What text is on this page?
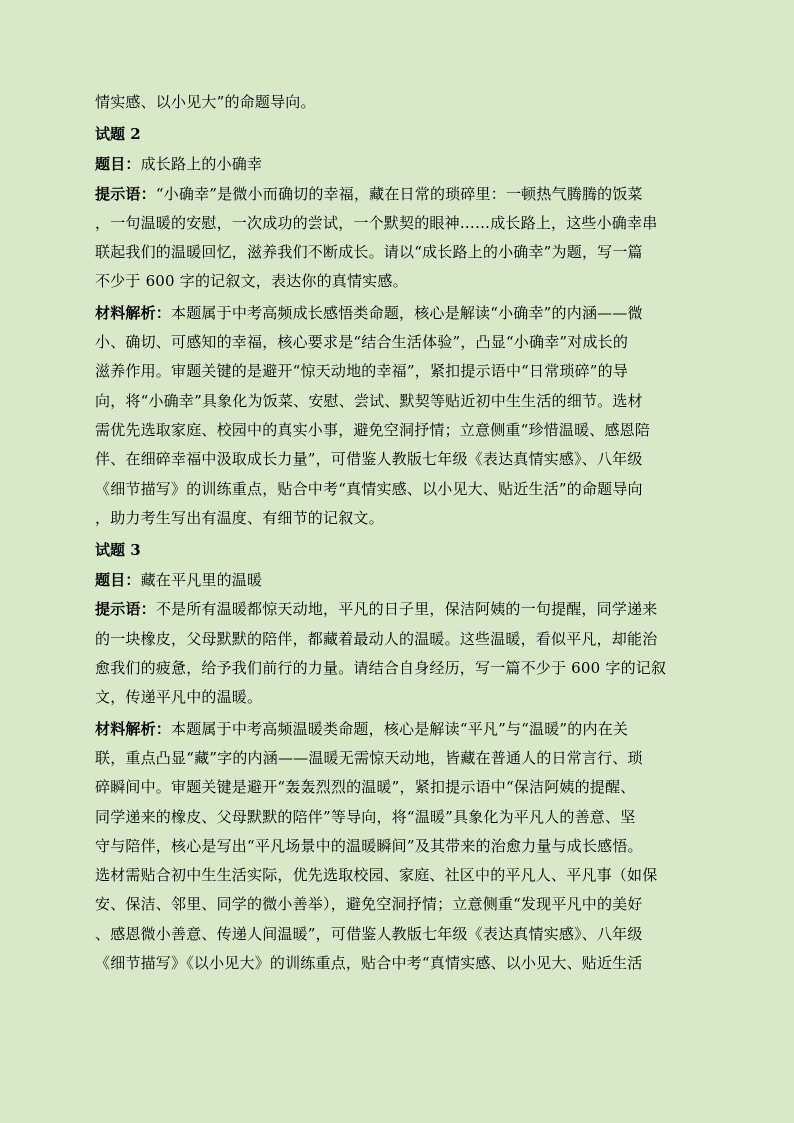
情实感、以小见大”的命题导向。
试题 2
题目：成长路上的小确幸
提示语：“小确幸”是微小而确切的幸福，藏在日常的琐碎里：一顿热气腾腾的饭菜
，一句温暖的安慰，一次成功的尝试，一个默契的眼神……成长路上，这些小确幸串
联起我们的温暖回忆，滋养我们不断成长。请以“成长路上的小确幸”为题，写一篇
不少于 600 字的记叙文，表达你的真情实感。
材料解析：本题属于中考高频成长感悟类命题，核心是解读“小确幸”的内涵——微
小、确切、可感知的幸福，核心要求是“结合生活体验”，凸显“小确幸”对成长的
滋养作用。审题关键的是避开“惊天动地的幸福”，紧扣提示语中“日常琐碎”的导
向，将“小确幸”具象化为饭菜、安慰、尝试、默契等贴近初中生生活的细节。选材
需优先选取家庭、校园中的真实小事，避免空洞抒情；立意侧重“珍惜温暖、感恩陪
伴、在细碎幸福中汲取成长力量”，可借鉴人教版七年级《表达真情实感》、八年级
《细节描写》的训练重点，贴合中考“真情实感、以小见大、贴近生活”的命题导向
，助力考生写出有温度、有细节的记叙文。
试题 3
题目：藏在平凡里的温暖
提示语：不是所有温暖都惊天动地，平凡的日子里，保洁阿姨的一句提醒，同学递来
的一块橡皮，父母默默的陪伴，都藏着最动人的温暖。这些温暖，看似平凡，却能治
愈我们的疲惫，给予我们前行的力量。请结合自身经历，写一篇不少于 600 字的记叙
文，传递平凡中的温暖。
材料解析：本题属于中考高频温暖类命题，核心是解读“平凡”与“温暖”的内在关
联，重点凸显“藏”字的内涵——温暖无需惊天动地，皆藏在普通人的日常言行、琐
碎瞬间中。审题关键是避开“轰轰烈烈的温暖”，紧扣提示语中“保洁阿姨的提醒、
同学递来的橡皮、父母默默的陪伴”等导向，将“温暖”具象化为平凡人的善意、坚
守与陪伴，核心是写出“平凡场景中的温暖瞬间”及其带来的治愈力量与成长感悟。
选材需贴合初中生生活实际，优先选取校园、家庭、社区中的平凡人、平凡事（如保
安、保洁、邻里、同学的微小善举），避免空洞抒情；立意侧重“发现平凡中的美好
、感恩微小善意、传递人间温暖”，可借鉴人教版七年级《表达真情实感》、八年级
《细节描写》《以小见大》的训练重点，贴合中考“真情实感、以小见大、贴近生活
